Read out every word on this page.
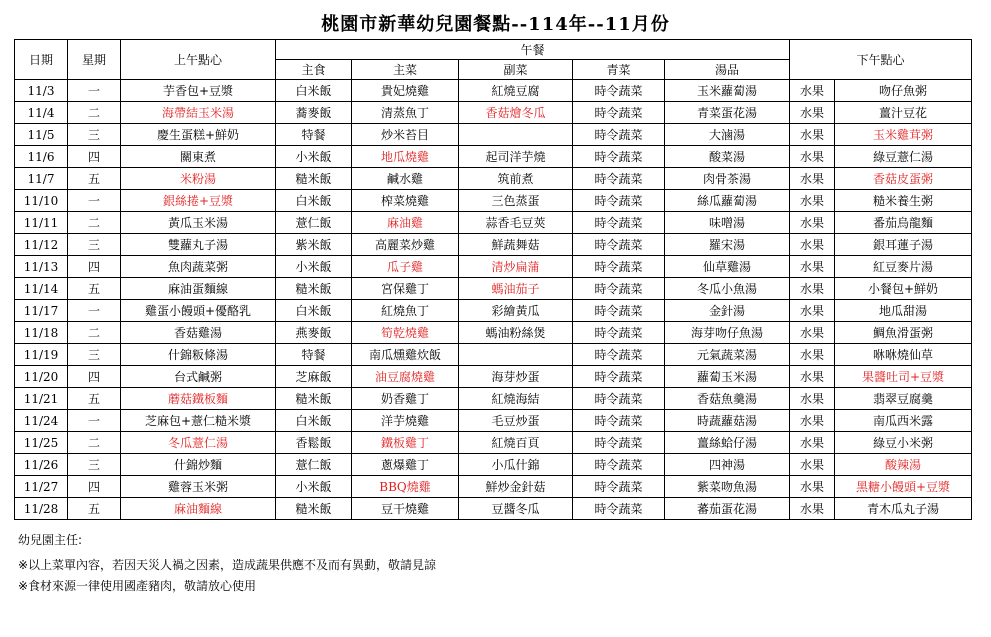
桃園市新華幼兒園餐點--114年--11月份
日期	星期	上午點心	午餐					下午點心	
			主食	主菜	副菜	青菜	湯品		
11/3	一	芋香包+豆漿	白米飯	貴妃燒雞	紅燒豆腐	時令蔬菜	玉米蘿蔔湯	水果	吻仔魚粥
11/4	二	海帶結玉米湯	蕎麥飯	清蒸魚丁	香菇燴冬瓜	時令蔬菜	青菜蛋花湯	水果	薑汁豆花
11/5	三	慶生蛋糕+鮮奶	特餐	炒米苔目		時令蔬菜	大滷湯	水果	玉米雞茸粥
11/6	四	關東煮	小米飯	地瓜燒雞	起司洋芋燒	時令蔬菜	酸菜湯	水果	綠豆薏仁湯
11/7	五	米粉湯	糙米飯	鹹水雞	筑前煮	時令蔬菜	肉骨茶湯	水果	香菇皮蛋粥
11/10	一	銀絲捲+豆漿	白米飯	榨菜燒雞	三色蒸蛋	時令蔬菜	絲瓜蘿蔔湯	水果	糙米養生粥
11/11	二	黃瓜玉米湯	薏仁飯	麻油雞	蒜香毛豆莢	時令蔬菜	味噌湯	水果	番茄烏龍麵
11/12	三	雙蘿丸子湯	紫米飯	高麗菜炒雞	鮮蔬舞菇	時令蔬菜	羅宋湯	水果	銀耳蓮子湯
11/13	四	魚肉蔬菜粥	小米飯	瓜子雞	清炒扁蒲	時令蔬菜	仙草雞湯	水果	紅豆麥片湯
11/14	五	麻油蛋麵線	糙米飯	宮保雞丁	螞油茄子	時令蔬菜	冬瓜小魚湯	水果	小餐包+鮮奶
11/17	一	雞蛋小饅頭+優酪乳	白米飯	紅燒魚丁	彩繪黃瓜	時令蔬菜	金針湯	水果	地瓜甜湯
11/18	二	香菇雞湯	燕麥飯	筍乾燒雞	螞油粉絲煲	時令蔬菜	海芽吻仔魚湯	水果	鯛魚滑蛋粥
11/19	三	什錦粄條湯	特餐	南瓜燻雞炊飯		時令蔬菜	元氣蔬菜湯	水果	咻咻燒仙草
11/20	四	台式鹹粥	芝麻飯	油豆腐燒雞	海芽炒蛋	時令蔬菜	蘿蔔玉米湯	水果	果醬吐司+豆漿
11/21	五	蘑菇鐵板麵	糙米飯	奶香雞丁	紅燒海結	時令蔬菜	香菇魚羹湯	水果	翡翠豆腐羹
11/24	一	芝麻包+薏仁糙米漿	白米飯	洋芋燒雞	毛豆炒蛋	時令蔬菜	時蔬蘿菇湯	水果	南瓜西米露
11/25	二	冬瓜薏仁湯	香鬆飯	鐵板雞丁	紅燒百頁	時令蔬菜	薑絲蛤仔湯	水果	綠豆小米粥
11/26	三	什錦炒麵	薏仁飯	蔥爆雞丁	小瓜什錦	時令蔬菜	四神湯	水果	酸辣湯
11/27	四	雞蓉玉米粥	小米飯	BBQ燒雞	鮮炒金針菇	時令蔬菜	紫菜吻魚湯	水果	黑糖小饅頭+豆漿
11/28	五	麻油麵線	糙米飯	豆干燒雞	豆醬冬瓜	時令蔬菜	蕃茄蛋花湯	水果	青木瓜丸子湯
幼兒園主任:
※以上菜單內容，若因天災人禍之因素，造成蔬果供應不及而有異動，敬請見諒
※食材來源一律使用國產豬肉，敬請放心使用
